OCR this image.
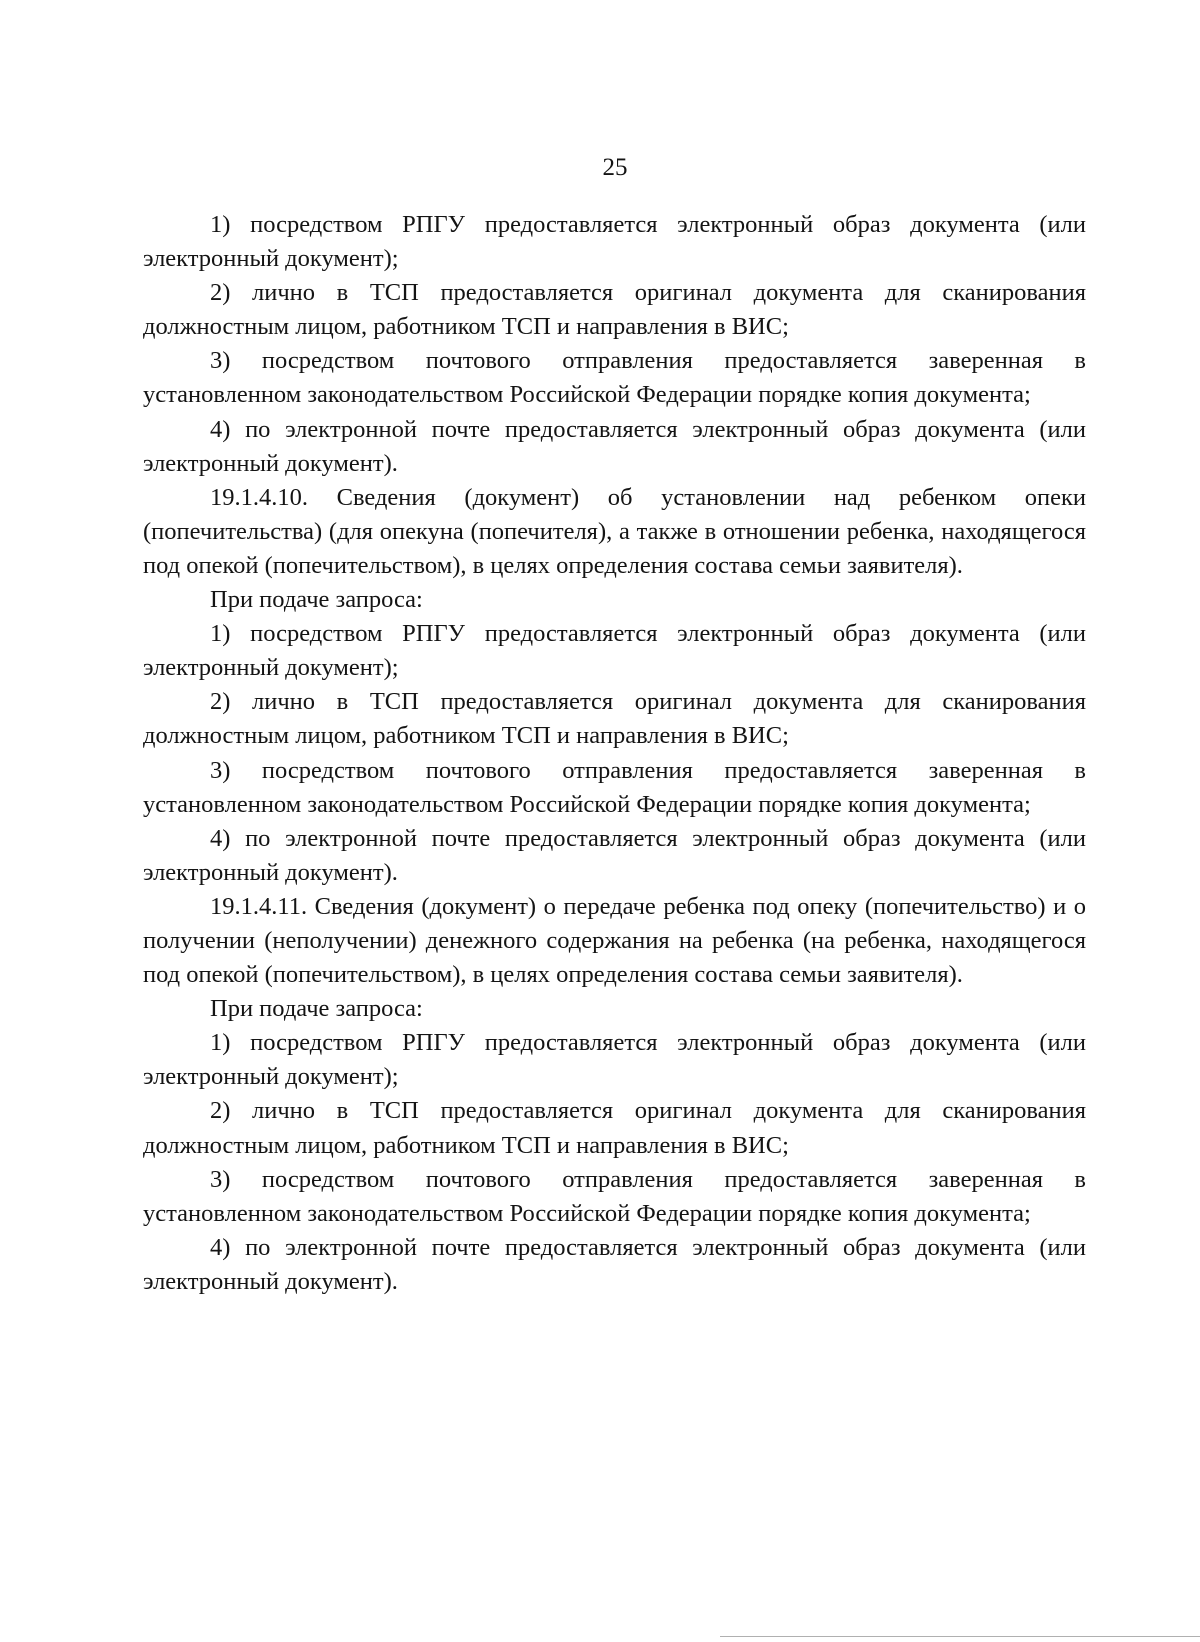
25

1) посредством РПГУ предоставляется электронный образ документа (или электронный документ);

2) лично в ТСП предоставляется оригинал документа для сканирования должностным лицом, работником ТСП и направления в ВИС;

3) посредством почтового отправления предоставляется заверенная в установленном законодательством Российской Федерации порядке копия документа;

4) по электронной почте предоставляется электронный образ документа (или электронный документ).

19.1.4.10. Сведения (документ) об установлении над ребенком опеки (попечительства) (для опекуна (попечителя), а также в отношении ребенка, находящегося под опекой (попечительством), в целях определения состава семьи заявителя).

При подаче запроса:

1) посредством РПГУ предоставляется электронный образ документа (или электронный документ);

2) лично в ТСП предоставляется оригинал документа для сканирования должностным лицом, работником ТСП и направления в ВИС;

3) посредством почтового отправления предоставляется заверенная в установленном законодательством Российской Федерации порядке копия документа;

4) по электронной почте предоставляется электронный образ документа (или электронный документ).

19.1.4.11. Сведения (документ) о передаче ребенка под опеку (попечительство) и о получении (неполучении) денежного содержания на ребенка (на ребенка, находящегося под опекой (попечительством), в целях определения состава семьи заявителя).

При подаче запроса:

1) посредством РПГУ предоставляется электронный образ документа (или электронный документ);

2) лично в ТСП предоставляется оригинал документа для сканирования должностным лицом, работником ТСП и направления в ВИС;

3) посредством почтового отправления предоставляется заверенная в установленном законодательством Российской Федерации порядке копия документа;

4) по электронной почте предоставляется электронный образ документа (или электронный документ).
